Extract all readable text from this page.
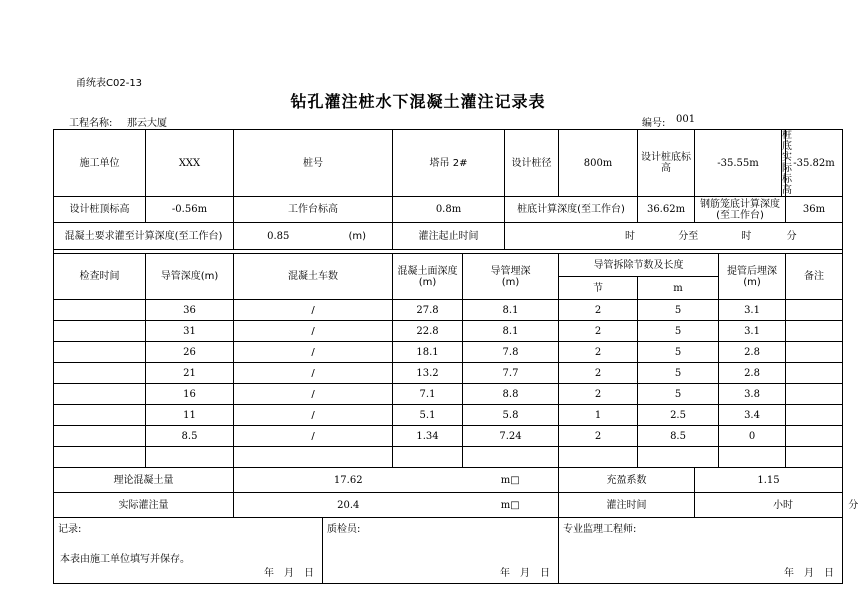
甬统表C02-13
钻孔灌注桩水下混凝土灌注记录表
工程名称: 那云大厦	编号: 001
施工单位	XXX	桩号		塔吊 2#		设计桩径	800m	设计桩底标高	-35.55m		桩底实际标高	-35.82m
设计桩顶标高	-0.56m	工作台标高		0.8m		桩底计算深度(至工作台)		36.62m	钢筋笼底计算深度(至工作台)			36m
混凝土要求灌至计算深度(至工作台)		0.85	(m)	灌注起止时间		时 分至 时 分						

检查时间	导管深度(m)	混凝土车数		混凝土面深度(m)	导管埋深(m)		导管拆除节数及长度			提管后埋深(m)		备注
							节	m				
	36	/		27.8	8.1		2	5		3.1		
	31	/		22.8	8.1		2	5		3.1		
	26	/		18.1	7.8		2	5		2.8		
	21	/		13.2	7.7		2	5		2.8		
	16	/		7.1	8.8		2	5		3.8		
	11	/		5.1	5.8		1	2.5		3.4		
	8.5	/		1.34	7.24		2	8.5		0		

理论混凝土量		17.62			m□		充盈系数		1.15			
实际灌注量		20.4			m□		灌注时间		小时 分			

记录:
年　月　日			质检员:
年　月　日				专业监理工程师:
年　月　日					
本表由施工单位填写并保存。
